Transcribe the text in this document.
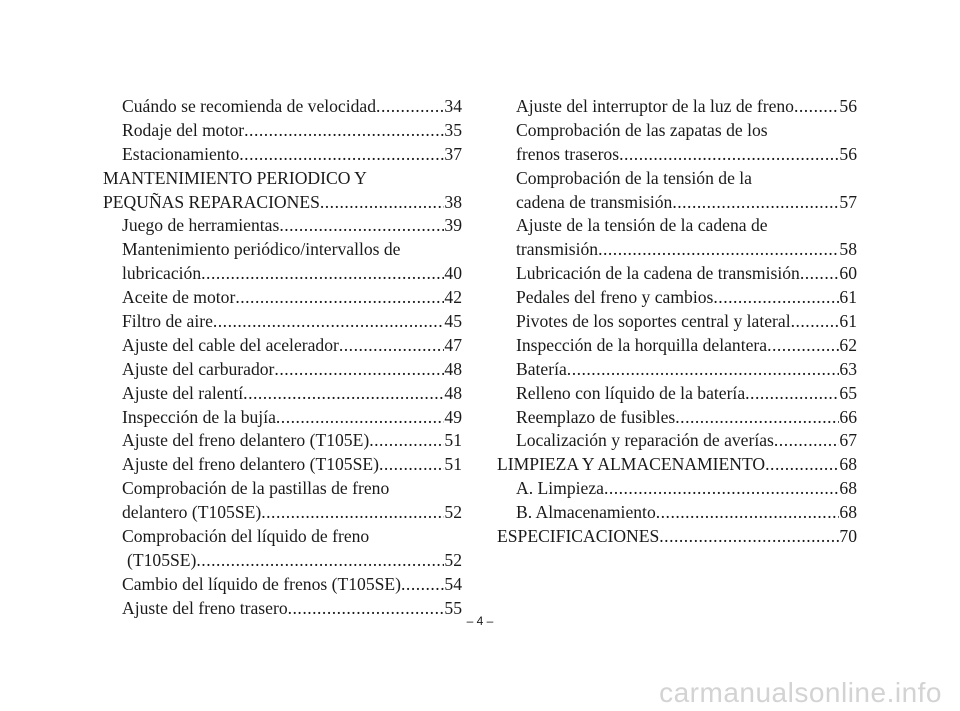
Cuándo se recomienda de velocidad .....	34
Rodaje del motor .....	35
Estacionamiento .....	37
MANTENIMIENTO PERIODICO Y
PEQUÑAS REPARACIONES .....	38
Juego de herramientas .....	39
Mantenimiento periódico/intervallos de
lubricación .....	40
Aceite de motor .....	42
Filtro de aire .....	45
Ajuste del cable del acelerador .....	47
Ajuste del carburador .....	48
Ajuste del ralentí .....	48
Inspección de la bujía .....	49
Ajuste del freno delantero (T105E) .....	51
Ajuste del freno delantero (T105SE) .....	51
Comprobación de la pastillas de freno
delantero (T105SE) .....	52
Comprobación del líquido de freno
(T105SE) .....	52
Cambio del líquido de frenos (T105SE) ..... 54
Ajuste del freno trasero .....	55
Ajuste del interruptor de la luz de freno .....	56
Comprobación de las zapatas de los
frenos traseros .....	56
Comprobación de la tensión de la
cadena de transmisión .....	57
Ajuste de la tensión de la cadena de
transmisión .....	58
Lubricación de la cadena de transmisión ..... 60
Pedales del freno y cambios .....	61
Pivotes de los soportes central y lateral .....	61
Inspección de la horquilla delantera .....	62
Batería .....	63
Relleno con líquido de la batería .....	65
Reemplazo de fusibles .....	66
Localización y reparación de averías .....	67
LIMPIEZA Y ALMACENAMIENTO .....	68
A. Limpieza .....	68
B. Almacenamiento .....	68
ESPECIFICACIONES .....	70
– 4 –
carmanualsonline.info
